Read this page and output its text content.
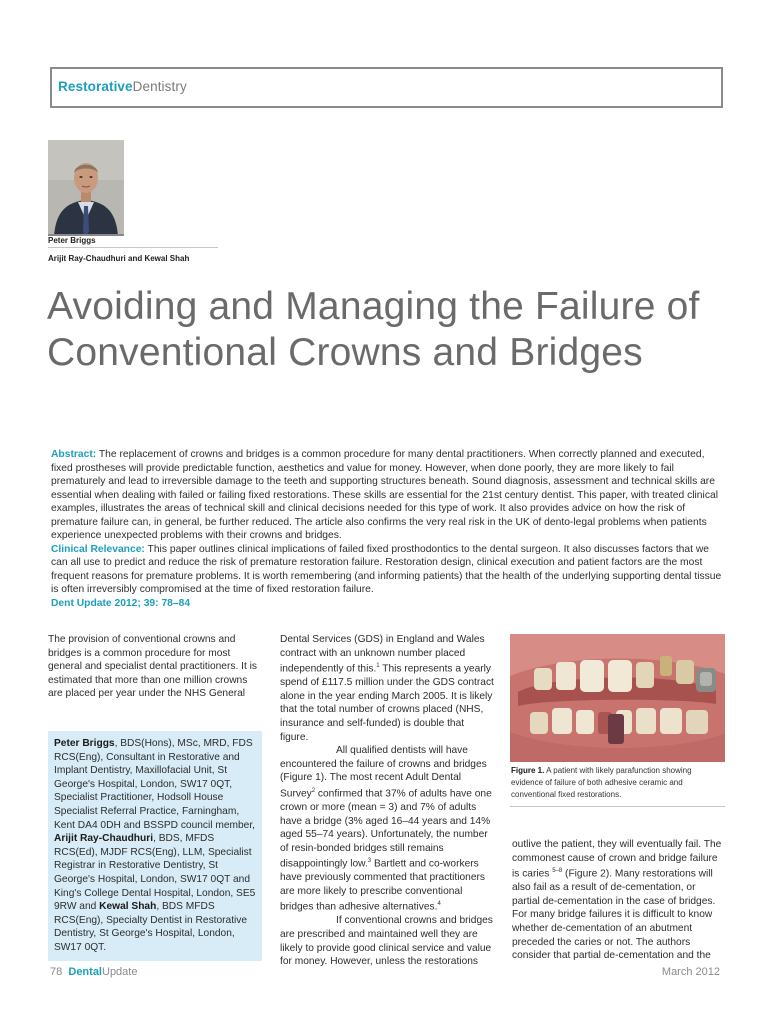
RestorativeDentistry
Peter Briggs
Arijit Ray-Chaudhuri and Kewal Shah
Avoiding and Managing the Failure of Conventional Crowns and Bridges
Abstract: The replacement of crowns and bridges is a common procedure for many dental practitioners. When correctly planned and executed, fixed prostheses will provide predictable function, aesthetics and value for money. However, when done poorly, they are more likely to fail prematurely and lead to irreversible damage to the teeth and supporting structures beneath. Sound diagnosis, assessment and technical skills are essential when dealing with failed or failing fixed restorations. These skills are essential for the 21st century dentist. This paper, with treated clinical examples, illustrates the areas of technical skill and clinical decisions needed for this type of work. It also provides advice on how the risk of premature failure can, in general, be further reduced. The article also confirms the very real risk in the UK of dento-legal problems when patients experience unexpected problems with their crowns and bridges.
Clinical Relevance: This paper outlines clinical implications of failed fixed prosthodontics to the dental surgeon. It also discusses factors that we can all use to predict and reduce the risk of premature restoration failure. Restoration design, clinical execution and patient factors are the most frequent reasons for premature problems. It is worth remembering (and informing patients) that the health of the underlying supporting dental tissue is often irreversibly compromised at the time of fixed restoration failure.
Dent Update 2012; 39: 78–84

The provision of conventional crowns and bridges is a common procedure for most general and specialist dental practitioners. It is estimated that more than one million crowns are placed per year under the NHS General

Peter Briggs, BDS(Hons), MSc, MRD, FDS RCS(Eng), Consultant in Restorative and Implant Dentistry, Maxillofacial Unit, St George's Hospital, London, SW17 0QT, Specialist Practitioner, Hodsoll House Specialist Referral Practice, Farningham, Kent DA4 0DH and BSSPD council member, Arijit Ray-Chaudhuri, BDS, MFDS RCS(Ed), MJDF RCS(Eng), LLM, Specialist Registrar in Restorative Dentistry, St George's Hospital, London, SW17 0QT and King's College Dental Hospital, London, SE5 9RW and Kewal Shah, BDS MFDS RCS(Eng), Specialty Dentist in Restorative Dentistry, St George's Hospital, London, SW17 0QT.

Dental Services (GDS) in England and Wales contract with an unknown number placed independently of this.$^1$ This represents a yearly spend of £117.5 million under the GDS contract alone in the year ending March 2005. It is likely that the total number of crowns placed (NHS, insurance and self-funded) is double that figure.

All qualified dentists will have encountered the failure of crowns and bridges (Figure 1). The most recent Adult Dental Survey$^2$ confirmed that 37% of adults have one crown or more (mean = 3) and 7% of adults have a bridge (3% aged 16–44 years and 14% aged 55–74 years). Unfortunately, the number of resin-bonded bridges still remains disappointingly low.$^3$ Bartlett and co-workers have previously commented that practitioners are more likely to prescribe conventional bridges than adhesive alternatives.$^4$

If conventional crowns and bridges are prescribed and maintained well they are likely to provide good clinical service and value for money. However, unless the restorations

Figure 1. A patient with likely parafunction showing evidence of failure of both adhesive ceramic and conventional fixed restorations.

outlive the patient, they will eventually fail. The commonest cause of crown and bridge failure is caries $^{5-8}$ (Figure 2). Many restorations will also fail as a result of de-cementation, or partial de-cementation in the case of bridges. For many bridge failures it is difficult to know whether de-cementation of an abutment preceded the caries or not. The authors consider that partial de-cementation and the

78 DentalUpdate	March 2012
